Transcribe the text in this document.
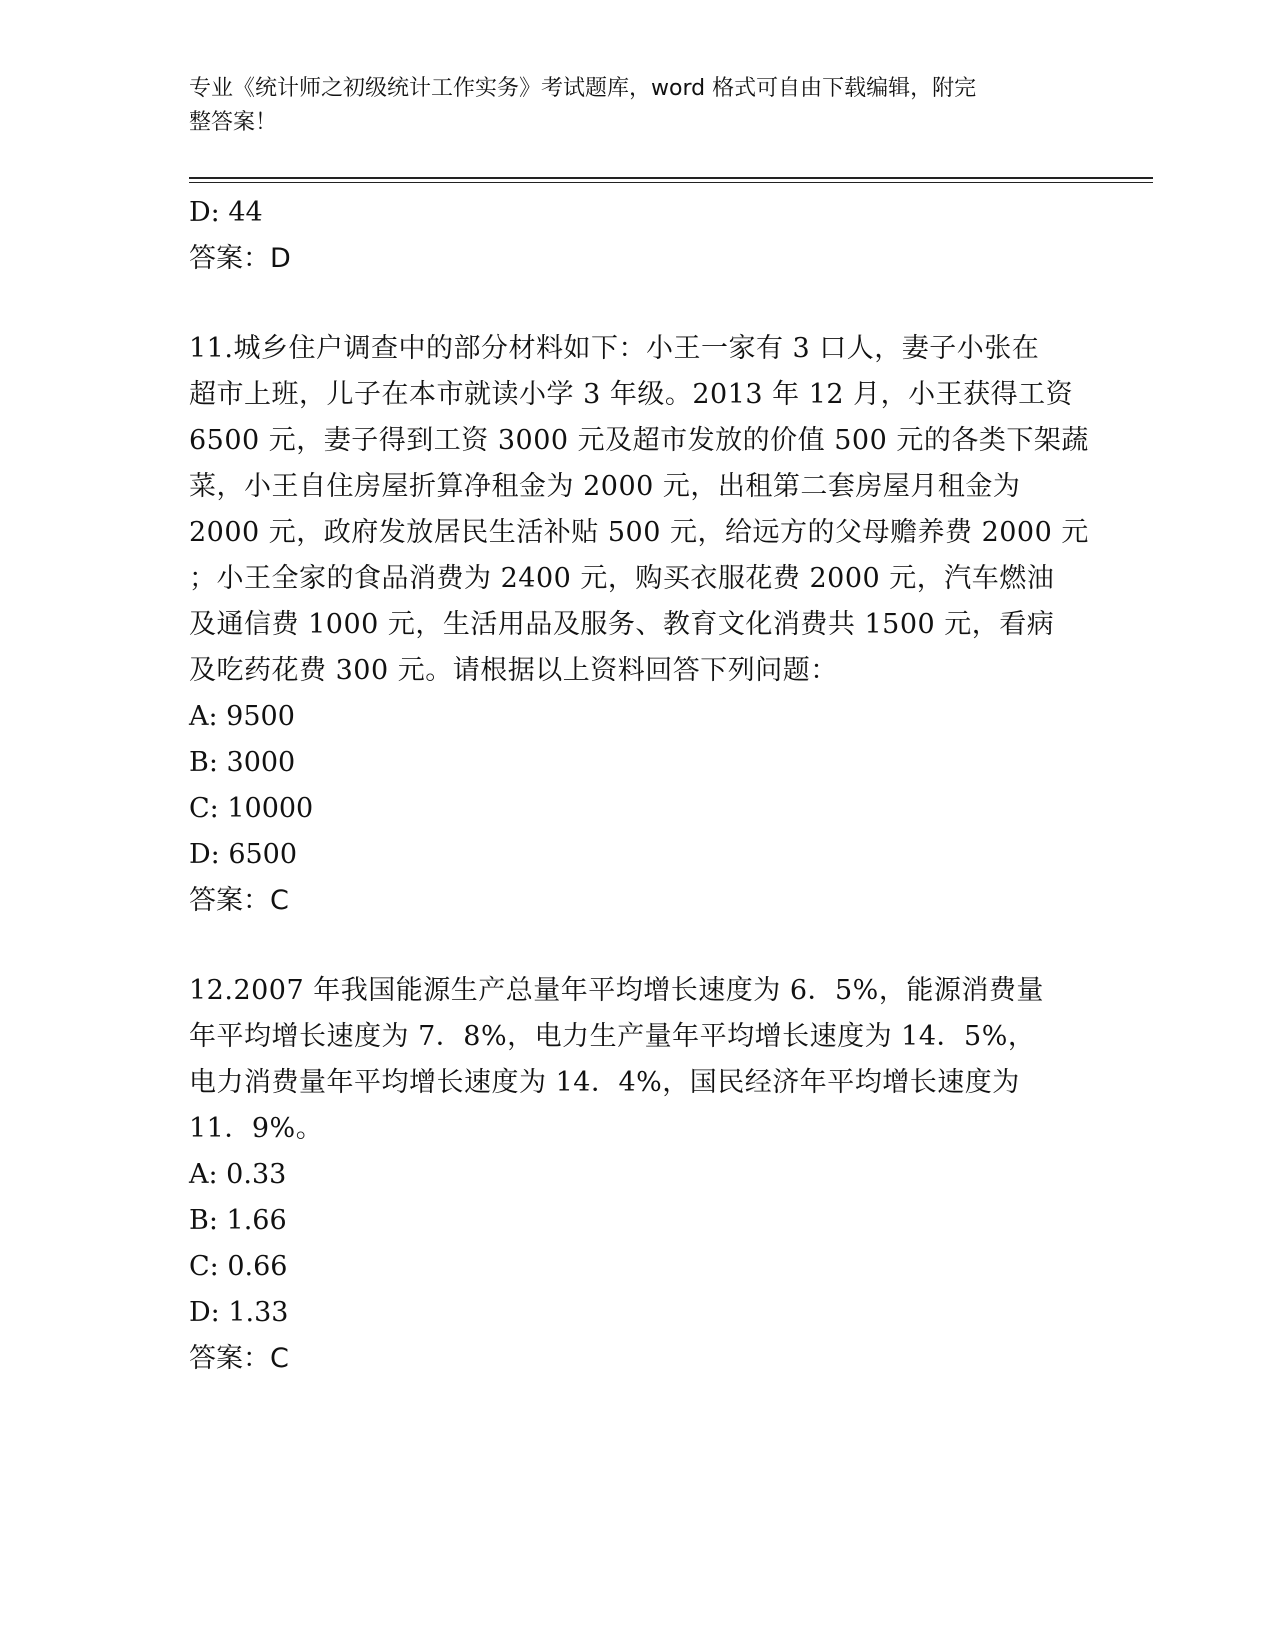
专业《统计师之初级统计工作实务》考试题库，word 格式可自由下载编辑，附完
整答案！
D: 44
答案：D
11.城乡住户调查中的部分材料如下：小王一家有 3 口人，妻子小张在
超市上班，儿子在本市就读小学 3 年级。2013 年 12 月，小王获得工资
6500 元，妻子得到工资 3000 元及超市发放的价值 500 元的各类下架蔬
菜，小王自住房屋折算净租金为 2000 元，出租第二套房屋月租金为
2000 元，政府发放居民生活补贴 500 元，给远方的父母赡养费 2000 元
；小王全家的食品消费为 2400 元，购买衣服花费 2000 元，汽车燃油
及通信费 1000 元，生活用品及服务、教育文化消费共 1500 元，看病
及吃药花费 300 元。请根据以上资料回答下列问题：
A: 9500
B: 3000
C: 10000
D: 6500
答案：C
12.2007 年我国能源生产总量年平均增长速度为 6．5%，能源消费量
年平均增长速度为 7．8%，电力生产量年平均增长速度为 14．5%，
电力消费量年平均增长速度为 14．4%，国民经济年平均增长速度为
11．9%。
A: 0.33
B: 1.66
C: 0.66
D: 1.33
答案：C
